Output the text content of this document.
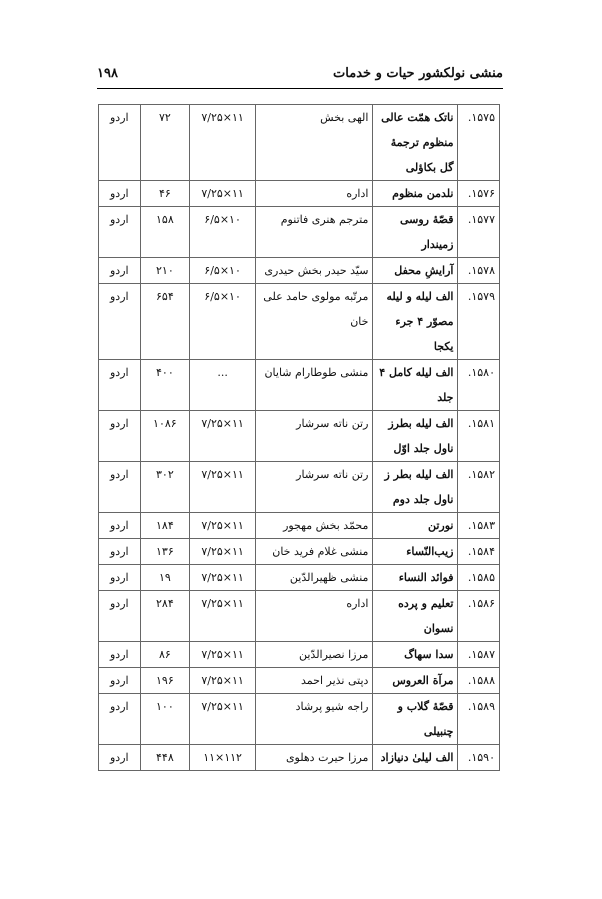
منشی نولکشور حیات و خدمات
۱۹۸
۱۵۷۵.	ناتک همّت عالی منظوم ترجمۀ گل بکاؤلی	الهی بخش	۱۱×۷/۲۵	۷۲	اردو
۱۵۷۶.	نلدمن منظوم	اداره	۱۱×۷/۲۵	۴۶	اردو
۱۵۷۷.	قصّۀ روسی زمیندار	مترجم هنری فاتنوم	۱۰×۶/۵	۱۵۸	اردو
۱۵۷۸.	آرایشِ محفل	سیّد حیدر بخش حیدری	۱۰×۶/۵	۲۱۰	اردو
۱۵۷۹.	الف لیله و لیله مصوّر ۴ جرء یکجا	مرتّبه مولوی حامد علی خان	۱۰×۶/۵	۶۵۴	اردو
۱۵۸۰.	الف لیله کامل ۴ جلد	منشی طوطارام شایان	...	۴۰۰	اردو
۱۵۸۱.	الف لیله بطرز ناول جلد اوّل	رتن ناته سرشار	۱۱×۷/۲۵	۱۰۸۶	اردو
۱۵۸۲.	الف لیله بطر ز ناول جلد دوم	رتن ناته سرشار	۱۱×۷/۲۵	۳۰۲	اردو
۱۵۸۳.	نورتن	محمّد بخش مهجور	۱۱×۷/۲۵	۱۸۴	اردو
۱۵۸۴.	زیب‌النّساء	منشی غلام فرید خان	۱۱×۷/۲۵	۱۳۶	اردو
۱۵۸۵.	فوائد النساء	منشی ظهیرالدّین	۱۱×۷/۲۵	۱۹	اردو
۱۵۸۶.	تعلیم و پرده نسوان	اداره	۱۱×۷/۲۵	۲۸۴	اردو
۱۵۸۷.	سدا سهاگ	مرزا نصیرالدّین	۱۱×۷/۲۵	۸۶	اردو
۱۵۸۸.	مرآة العروس	دپتی نذیر احمد	۱۱×۷/۲۵	۱۹۶	اردو
۱۵۸۹.	قصّۀ گلاب و چنبیلی	راجه شیو پرشاد	۱۱×۷/۲۵	۱۰۰	اردو
۱۵۹۰.	الف لیلیٰ دنیازاد	مرزا حیرت دهلوی	۱۱۲×۱۱	۴۴۸	اردو
